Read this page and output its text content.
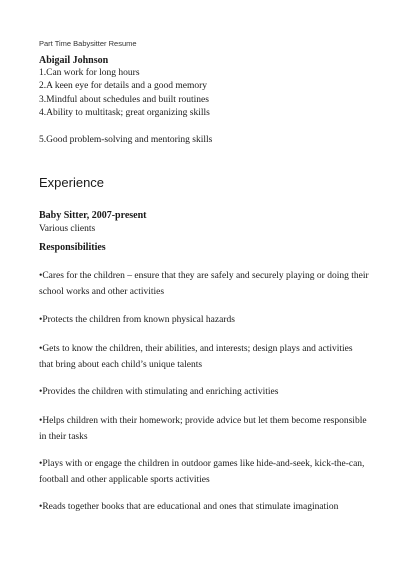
Part Time Babysitter Resume
Abigail Johnson
1.Can work for long hours
2.A keen eye for details and a good memory
3.Mindful about schedules and built routines
4.Ability to multitask; great organizing skills
5.Good problem-solving and mentoring skills
Experience
Baby Sitter, 2007-present
Various clients
Responsibilities

•Cares for the children – ensure that they are safely and securely playing or doing their school works and other activities

•Protects the children from known physical hazards

•Gets to know the children, their abilities, and interests; design plays and activities that bring about each child’s unique talents

•Provides the children with stimulating and enriching activities

•Helps children with their homework; provide advice but let them become responsible in their tasks

•Plays with or engage the children in outdoor games like hide-and-seek, kick-the-can, football and other applicable sports activities

•Reads together books that are educational and ones that stimulate imagination
